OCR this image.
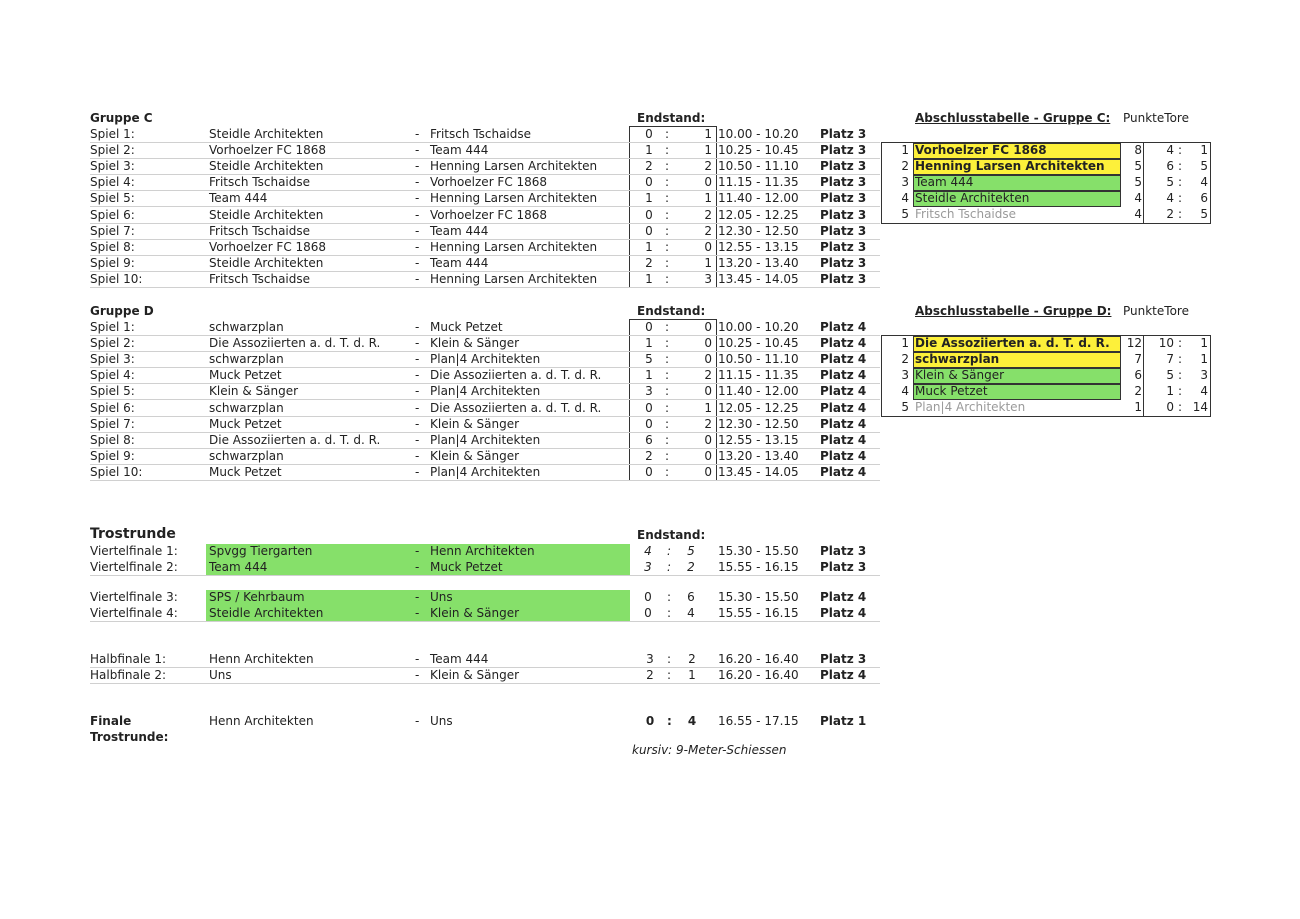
Gruppe C	Endstand:
Spiel 1:	Steidle Architekten	- Fritsch Tschaidse	0	:	1 10.00 - 10.20 Platz 3
Spiel 2:	Vorhoelzer FC 1868	- Team 444	1	:	1 10.25 - 10.45 Platz 3
Spiel 3:	Steidle Architekten	- Henning Larsen Architekten	2	:	2 10.50 - 11.10 Platz 3
Spiel 4:	Fritsch Tschaidse	- Vorhoelzer FC 1868	0	:	0 11.15 - 11.35 Platz 3
Spiel 5:	Team 444	- Henning Larsen Architekten	1	:	1 11.40 - 12.00 Platz 3
Spiel 6:	Steidle Architekten	- Vorhoelzer FC 1868	0	:	2 12.05 - 12.25 Platz 3
Spiel 7:	Fritsch Tschaidse	- Team 444	0	:	2 12.30 - 12.50 Platz 3
Spiel 8:	Vorhoelzer FC 1868	- Henning Larsen Architekten	1	:	0 12.55 - 13.15 Platz 3
Spiel 9:	Steidle Architekten	- Team 444	2	:	1 13.20 - 13.40 Platz 3
Spiel 10:	Fritsch Tschaidse	- Henning Larsen Architekten	1	:	3 13.45 - 14.05 Platz 3
Abschlusstabelle - Gruppe C: PunkteTore
1 Vorhoelzer FC 1868	8	4 :	1
2 Henning Larsen Architekten	5	6 :	5
3 Team 444	5	5 :	4
4 Steidle Architekten	4	4 :	6
5 Fritsch Tschaidse	4	2 :	5
Gruppe D	Endstand:
Spiel 1:	schwarzplan	- Muck Petzet	0	:	0 10.00 - 10.20 Platz 4
Spiel 2:	Die Assoziierten a. d. T. d. R.	- Klein & Sänger	1	:	0 10.25 - 10.45 Platz 4
Spiel 3:	schwarzplan	- Plan|4 Architekten	5	:	0 10.50 - 11.10 Platz 4
Spiel 4:	Muck Petzet	- Die Assoziierten a. d. T. d. R.	1	:	2 11.15 - 11.35 Platz 4
Spiel 5:	Klein & Sänger	- Plan|4 Architekten	3	:	0 11.40 - 12.00 Platz 4
Spiel 6:	schwarzplan	- Die Assoziierten a. d. T. d. R.	0	:	1 12.05 - 12.25 Platz 4
Spiel 7:	Muck Petzet	- Klein & Sänger	0	:	2 12.30 - 12.50 Platz 4
Spiel 8:	Die Assoziierten a. d. T. d. R.	- Plan|4 Architekten	6	:	0 12.55 - 13.15 Platz 4
Spiel 9:	schwarzplan	- Klein & Sänger	2	:	0 13.20 - 13.40 Platz 4
Spiel 10:	Muck Petzet	- Plan|4 Architekten	0	:	0 13.45 - 14.05 Platz 4
Abschlusstabelle - Gruppe D: PunkteTore
1 Die Assoziierten a. d. T. d. R.	12	10 :	1
2 schwarzplan	7	7 :	1
3 Klein & Sänger	6	5 :	3
4 Muck Petzet	2	1 :	4
5 Plan|4 Architekten	1	0 : 14
Trostrunde	Endstand:
Viertelfinale 1:	Spvgg Tiergarten	- Henn Architekten	4	:	5	15.30 - 15.50 Platz 3
Viertelfinale 2:	Team 444	- Muck Petzet	3	:	2	15.55 - 16.15 Platz 3
Viertelfinale 3:	SPS / Kehrbaum	- Uns	0	:	6	15.30 - 15.50 Platz 4
Viertelfinale 4:	Steidle Architekten	- Klein & Sänger	0	:	4	15.55 - 16.15 Platz 4
Halbfinale 1:	Henn Architekten	- Team 444	3	:	2	16.20 - 16.40 Platz 3
Halbfinale 2:	Uns	- Klein & Sänger	2	:	1	16.20 - 16.40 Platz 4
Finale
Trostrunde:
Henn Architekten	- Uns	0	:	4	16.55 - 17.15 Platz 1
kursiv: 9-Meter-Schiessen
